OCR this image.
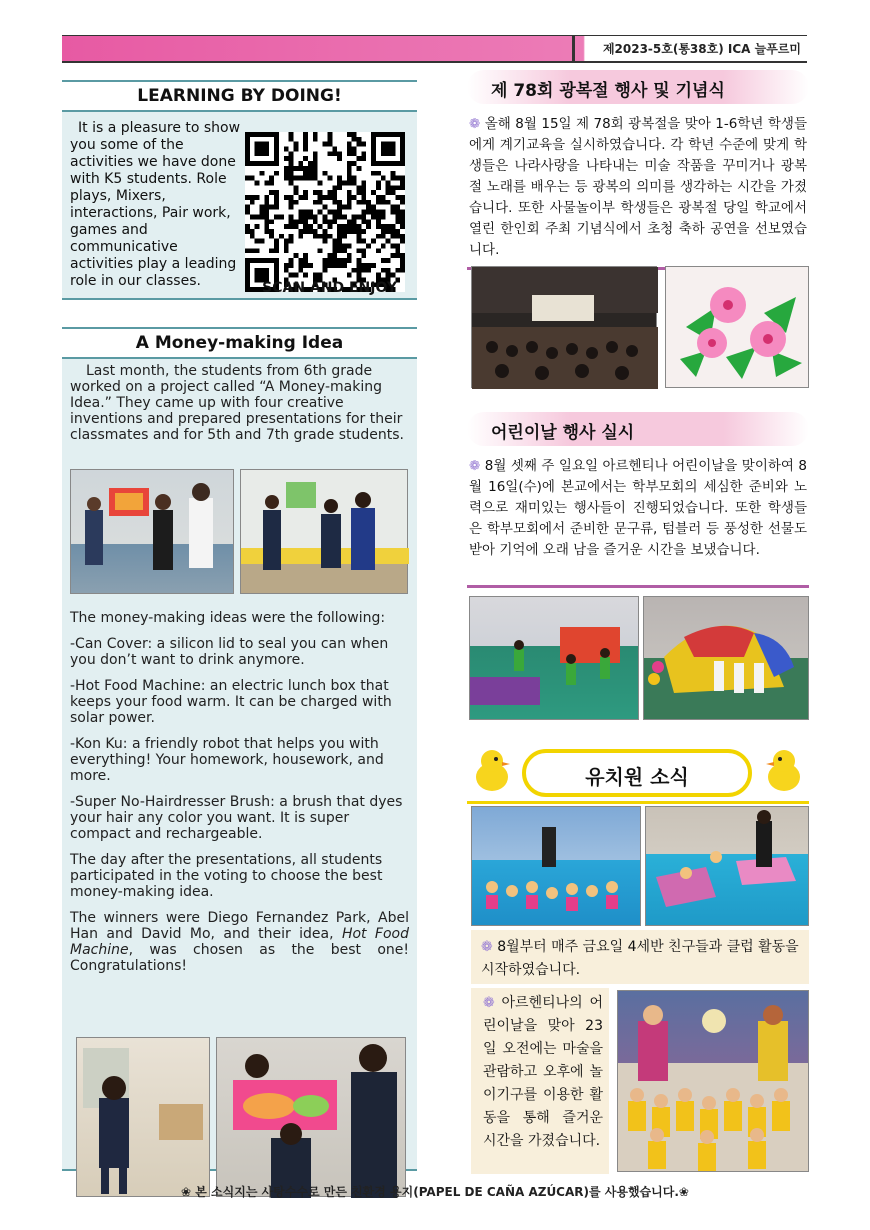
제2023-5호(통38호) ICA 늘푸르미
LEARNING BY DOING!
It is a pleasure to show you some of the activities we have done with K5 students. Role plays, Mixers, interactions, Pair work, games and communicative activities play a leading role in our classes.	SCAN AND ENJOY
A Money-making Idea

Last month, the students from 6th grade worked on a project called “A Money-making Idea.” They came up with four creative inventions and prepared presentations for their classmates and for 5th and 7th grade students.

The money-making ideas were the following:

-Can Cover: a silicon lid to seal you can when you don’t want to drink anymore.

-Hot Food Machine: an electric lunch box that keeps your food warm. It can be charged with solar power.

-Kon Ku: a friendly robot that helps you with everything! Your homework, housework, and more.

-Super No-Hairdresser Brush: a brush that dyes your hair any color you want. It is super compact and rechargeable.

The day after the presentations, all students participated in the voting to choose the best money-making idea.

The winners were Diego Fernandez Park, Abel Han and David Mo, and their idea, Hot Food Machine, was chosen as the best one! Congratulations!

제 78회 광복절 행사 및 기념식
❁ 올해 8월 15일 제 78회 광복절을 맞아 1-6학년 학생들에게 계기교육을 실시하였습니다. 각 학년 수준에 맞게 학생들은 나라사랑을 나타내는 미술 작품을 꾸미거나 광복절 노래를 배우는 등 광복의 의미를 생각하는 시간을 가졌습니다. 또한 사물놀이부 학생들은 광복절 당일 학교에서 열린 한인회 주최 기념식에서 초청 축하 공연을 선보였습니다.
어린이날 행사 실시
❁ 8월 셋째 주 일요일 아르헨티나 어린이날을 맞이하여 8월 16일(수)에 본교에서는 학부모회의 세심한 준비와 노력으로 재미있는 행사들이 진행되었습니다. 또한 학생들은 학부모회에서 준비한 문구류, 텀블러 등 풍성한 선물도 받아 기억에 오래 남을 즐거운 시간을 보냈습니다.
유치원 소식
❁ 8월부터 매주 금요일 4세반 친구들과 클럽 활동을 시작하였습니다.
❁ 아르헨티나의 어린이날을 맞아 23일 오전에는 마술을 관람하고 오후에 놀이기구를 이용한 활동을 통해 즐거운 시간을 가졌습니다.
❀ 본 소식지는 사탕수수로 만든 친환경 용지(PAPEL DE CAÑA AZÚCAR)를 사용했습니다.❀
